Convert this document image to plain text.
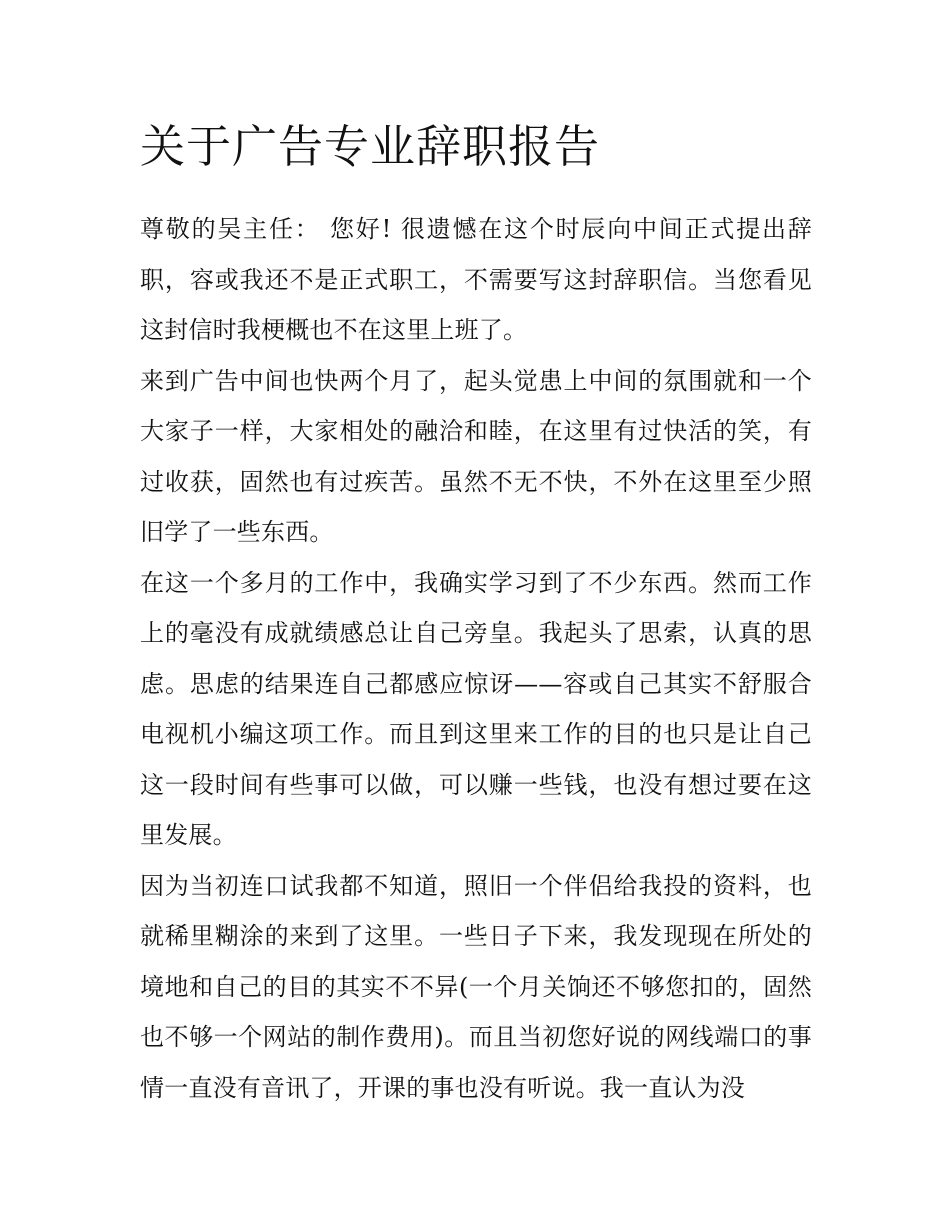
关于广告专业辞职报告

尊敬的吴主任： 您好! 很遗憾在这个时辰向中间正式提出辞职，容或我还不是正式职工，不需要写这封辞职信。当您看见这封信时我梗概也不在这里上班了。

来到广告中间也快两个月了，起头觉患上中间的氛围就和一个大家子一样，大家相处的融洽和睦，在这里有过快活的笑，有过收获，固然也有过疾苦。虽然不无不快，不外在这里至少照旧学了一些东西。

在这一个多月的工作中，我确实学习到了不少东西。然而工作上的毫没有成就绩感总让自己旁皇。我起头了思索，认真的思虑。思虑的结果连自己都感应惊讶——容或自己其实不舒服合电视机小编这项工作。而且到这里来工作的目的也只是让自己这一段时间有些事可以做，可以赚一些钱，也没有想过要在这里发展。

因为当初连口试我都不知道，照旧一个伴侣给我投的资料，也就稀里糊涂的来到了这里。一些日子下来，我发现现在所处的境地和自己的目的其实不不异(一个月关饷还不够您扣的，固然也不够一个网站的制作费用)。而且当初您好说的网线端口的事情一直没有音讯了，开课的事也没有听说。我一直认为没
